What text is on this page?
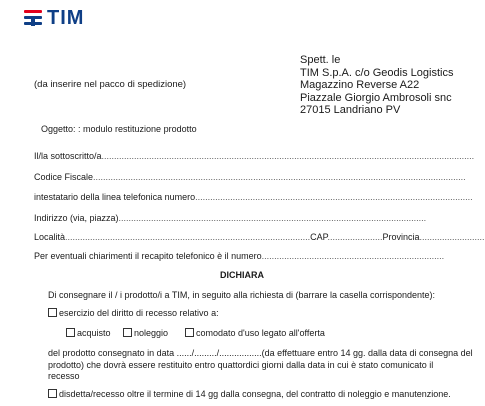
TIM
Spett. le
TIM S.p.A. c/o Geodis Logistics
Magazzino Reverse A22
Piazzale Giorgio Ambrosoli snc
27015 Landriano PV
(da inserire nel pacco di spedizione)
Oggetto: : modulo restituzione prodotto
Il/la sottoscritto/a.....................................................................................................................................................
Codice Fiscale.....................................................................................................................................................
intestatario della linea telefonica numero...............................................................................................................
Indirizzo (via, piazza)...........................................................................................................................
Località..................................................................................................CAP......................Provincia..........................
Per eventuali chiarimenti il recapito telefonico è il numero.........................................................................
DICHIARA
Di consegnare il / i prodotto/i a TIM, in seguito alla richiesta di (barrare la casella corrispondente):
esercizio del diritto di recesso relativo a:
acquisto	noleggio	comodato d'uso legato all'offerta
del prodotto consegnato in data ....../........./.................(da effettuare entro 14 gg. dalla data di consegna del
prodotto) che dovrà essere restituito entro quattordici giorni dalla data in cui è stato comunicato il
recesso
disdetta/recesso oltre il termine di 14 gg dalla consegna, del contratto di noleggio e manutenzione.
